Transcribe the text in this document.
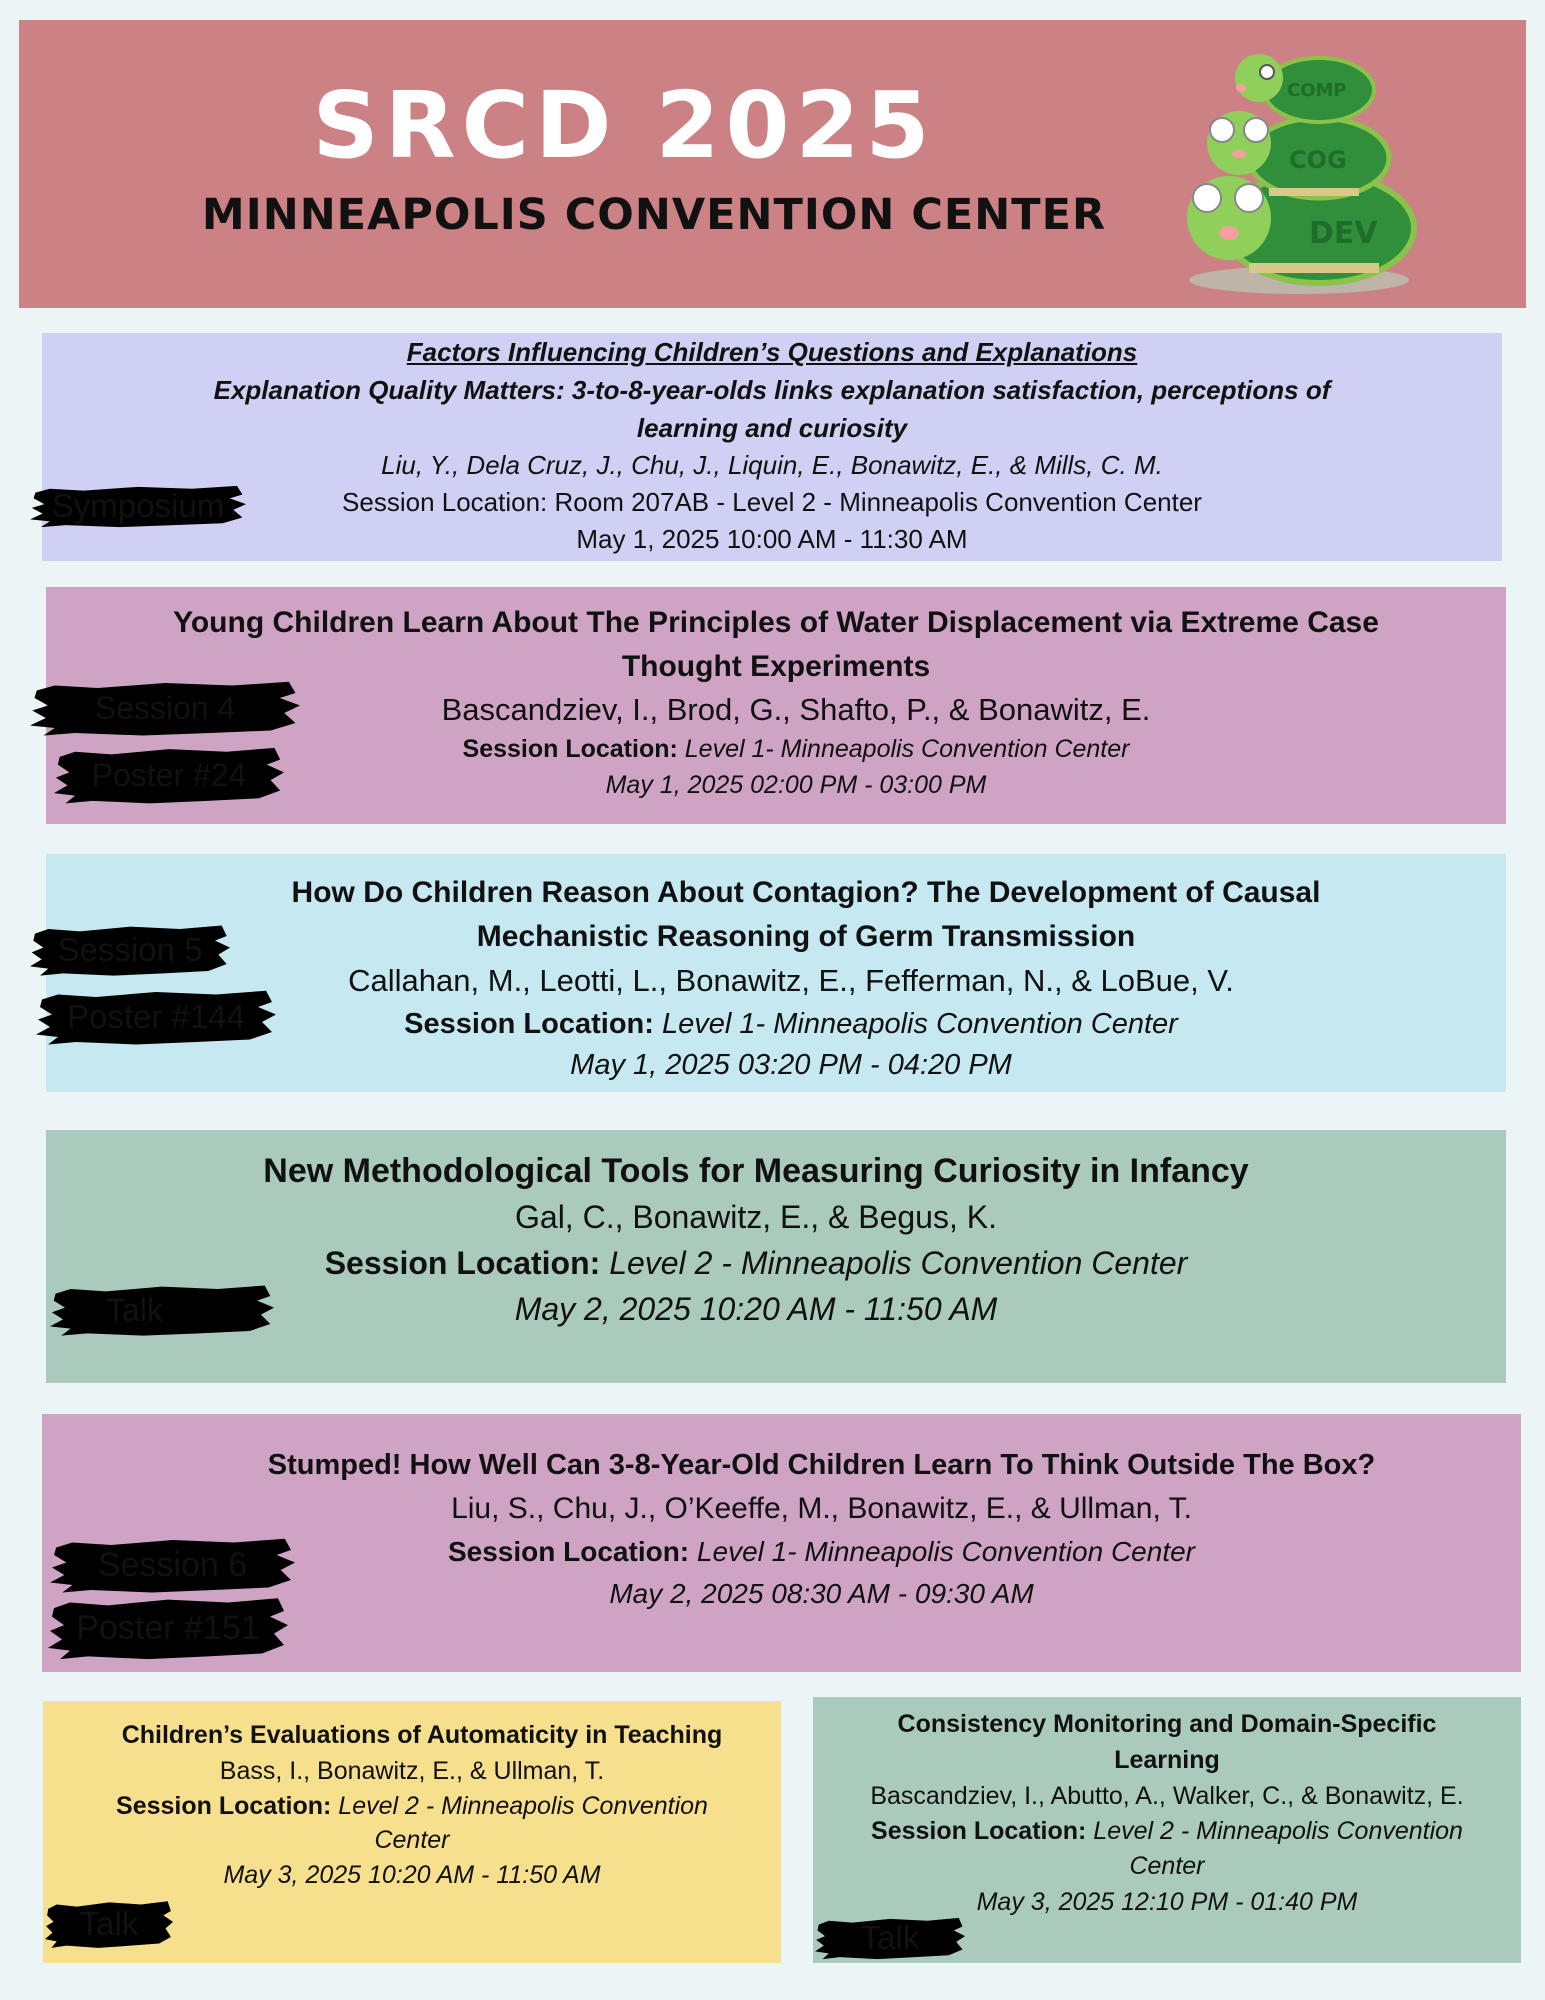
SRCD 2025
MINNEAPOLIS CONVENTION CENTER	DEV
COG
COMP
Factors Influencing Children’s Questions and Explanations
Explanation Quality Matters: 3-to-8-year-olds links explanation satisfaction, perceptions of
learning and curiosity
Liu, Y., Dela Cruz, J., Chu, J., Liquin, E., Bonawitz, E., & Mills, C. M.
Session Location: Room 207AB - Level 2 - Minneapolis Convention Center
May 1, 2025 10:00 AM - 11:30 AM
Symposium
Young Children Learn About The Principles of Water Displacement via Extreme Case
Thought Experiments
Bascandziev, I., Brod, G., Shafto, P., & Bonawitz, E.
Session Location: Level 1- Minneapolis Convention Center
May 1, 2025 02:00 PM - 03:00 PM
Session 4
Poster #24
How Do Children Reason About Contagion? The Development of Causal
Mechanistic Reasoning of Germ Transmission
Callahan, M., Leotti, L., Bonawitz, E., Fefferman, N., & LoBue, V.
Session Location: Level 1- Minneapolis Convention Center
May 1, 2025 03:20 PM - 04:20 PM
Session 5
Poster #144
New Methodological Tools for Measuring Curiosity in Infancy
Gal, C., Bonawitz, E., & Begus, K.
Session Location: Level 2 - Minneapolis Convention Center
May 2, 2025 10:20 AM - 11:50 AM
Talk
Stumped! How Well Can 3-8-Year-Old Children Learn To Think Outside The Box?
Liu, S., Chu, J., O’Keeffe, M., Bonawitz, E., & Ullman, T.
Session Location: Level 1- Minneapolis Convention Center
May 2, 2025 08:30 AM - 09:30 AM
Session 6
Poster #151
Children’s Evaluations of Automaticity in Teaching
Bass, I., Bonawitz, E., & Ullman, T.
Session Location: Level 2 - Minneapolis Convention
Center
May 3, 2025 10:20 AM - 11:50 AM
Talk
Consistency Monitoring and Domain-Specific
Learning
Bascandziev, I., Abutto, A., Walker, C., & Bonawitz, E.
Session Location: Level 2 - Minneapolis Convention
Center
May 3, 2025 12:10 PM - 01:40 PM
Talk
